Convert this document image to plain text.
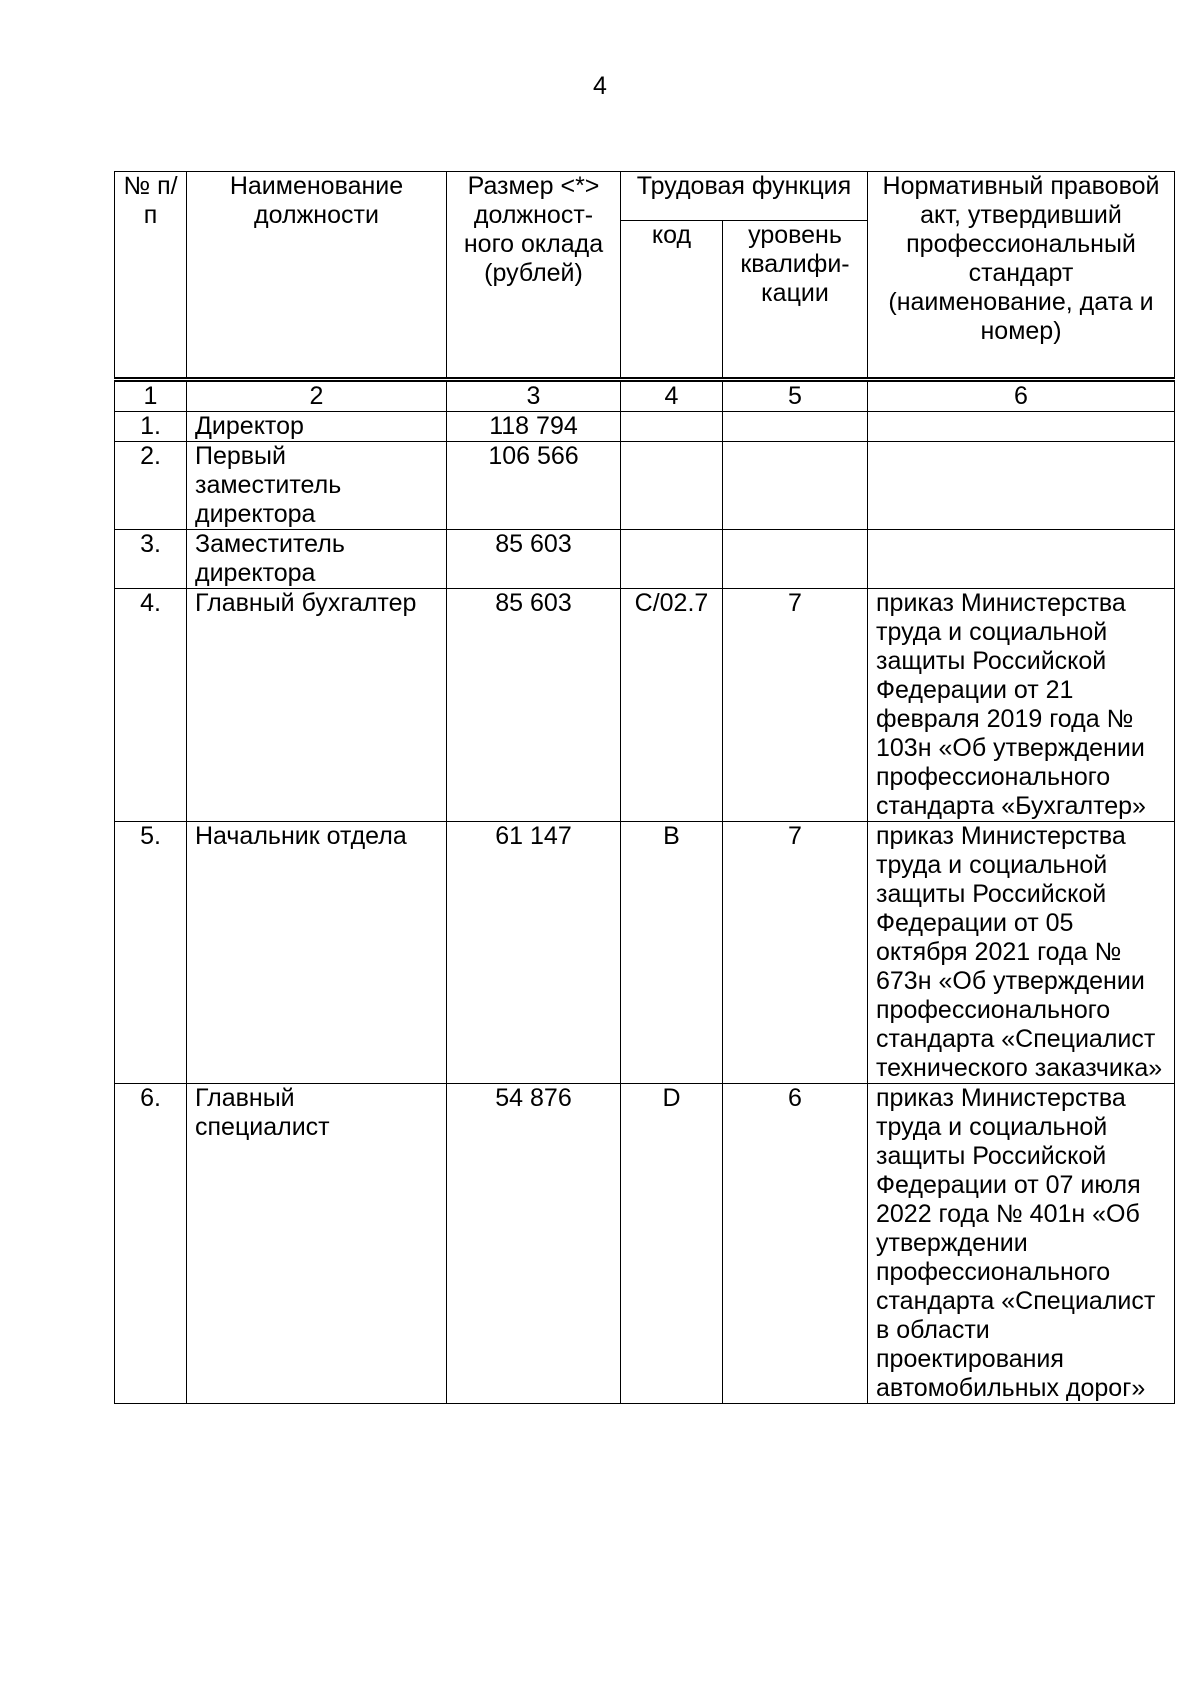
4
№ п/п	Наименование должности	Размер <*> должност-ного оклада (рублей)	Трудовая функция		Нормативный правовой акт, утвердивший профессиональный стандарт (наименование, дата и номер)
			код	уровень квалифи-кации	
1	2	3	4	5	6
1.	Директор	118 794			
2.	Первый заместитель директора	106 566			
3.	Заместитель директора	85 603			
4.	Главный бухгалтер	85 603	C/02.7	7	приказ Министерства труда и социальной защиты Российской Федерации от 21 февраля 2019 года № 103н «Об утверждении профессионального стандарта «Бухгалтер»
5.	Начальник отдела	61 147	B	7	приказ Министерства труда и социальной защиты Российской Федерации от 05 октября 2021 года № 673н «Об утверждении профессионального стандарта «Специалист технического заказчика»
6.	Главный специалист	54 876	D	6	приказ Министерства труда и социальной защиты Российской Федерации от 07 июля 2022 года № 401н «Об утверждении профессионального стандарта «Специалист в области проектирования автомобильных дорог»
